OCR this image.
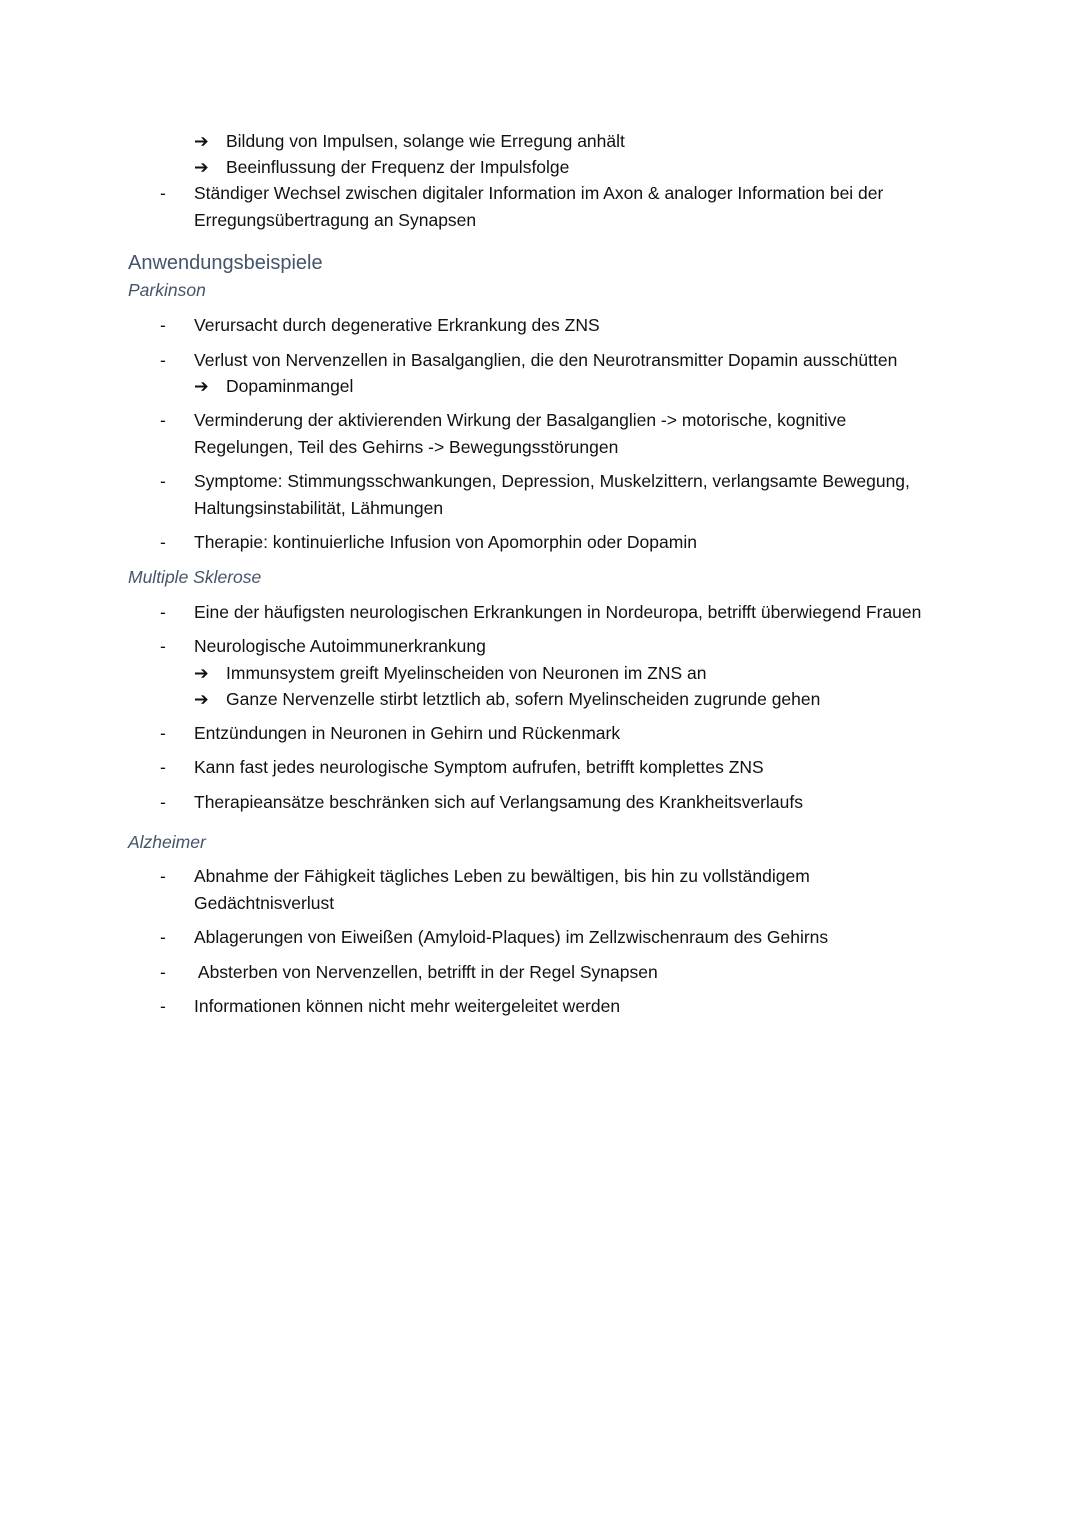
➔ Bildung von Impulsen, solange wie Erregung anhält
➔ Beeinflussung der Frequenz der Impulsfolge
- Ständiger Wechsel zwischen digitaler Information im Axon & analoger Information bei der Erregungsübertragung an Synapsen
Anwendungsbeispiele
Parkinson
- Verursacht durch degenerative Erkrankung des ZNS
- Verlust von Nervenzellen in Basalganglien, die den Neurotransmitter Dopamin ausschütten
➔ Dopaminmangel
- Verminderung der aktivierenden Wirkung der Basalganglien -> motorische, kognitive Regelungen, Teil des Gehirns -> Bewegungsstörungen
- Symptome: Stimmungsschwankungen, Depression, Muskelzittern, verlangsamte Bewegung, Haltungsinstabilität, Lähmungen
- Therapie: kontinuierliche Infusion von Apomorphin oder Dopamin
Multiple Sklerose
- Eine der häufigsten neurologischen Erkrankungen in Nordeuropa, betrifft überwiegend Frauen
- Neurologische Autoimmunerkrankung
➔ Immunsystem greift Myelinscheiden von Neuronen im ZNS an
➔ Ganze Nervenzelle stirbt letztlich ab, sofern Myelinscheiden zugrunde gehen
- Entzündungen in Neuronen in Gehirn und Rückenmark
- Kann fast jedes neurologische Symptom aufrufen, betrifft komplettes ZNS
- Therapieansätze beschränken sich auf Verlangsamung des Krankheitsverlaufs
Alzheimer
- Abnahme der Fähigkeit tägliches Leben zu bewältigen, bis hin zu vollständigem Gedächtnisverlust
- Ablagerungen von Eiweißen (Amyloid-Plaques) im Zellzwischenraum des Gehirns
- Absterben von Nervenzellen, betrifft in der Regel Synapsen
- Informationen können nicht mehr weitergeleitet werden
